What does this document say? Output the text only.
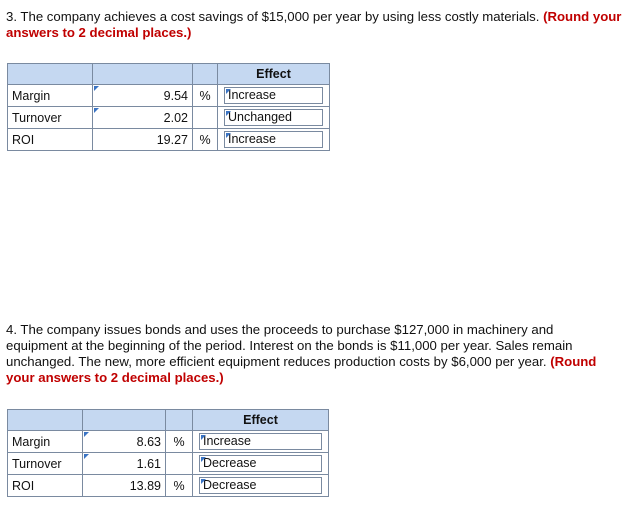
3. The company achieves a cost savings of $15,000 per year by using less costly materials. (Round your answers to 2 decimal places.)
			Effect
Margin	9.54	%	Increase

Turnover	2.02		Unchanged

ROI	19.27	%	Increase
4. The company issues bonds and uses the proceeds to purchase $127,000 in machinery and equipment at the beginning of the period. Interest on the bonds is $11,000 per year. Sales remain unchanged. The new, more efficient equipment reduces production costs by $6,000 per year. (Round your answers to 2 decimal places.)
			Effect
Margin	8.63	%	Increase

Turnover	1.61		Decrease

ROI	13.89	%	Decrease
